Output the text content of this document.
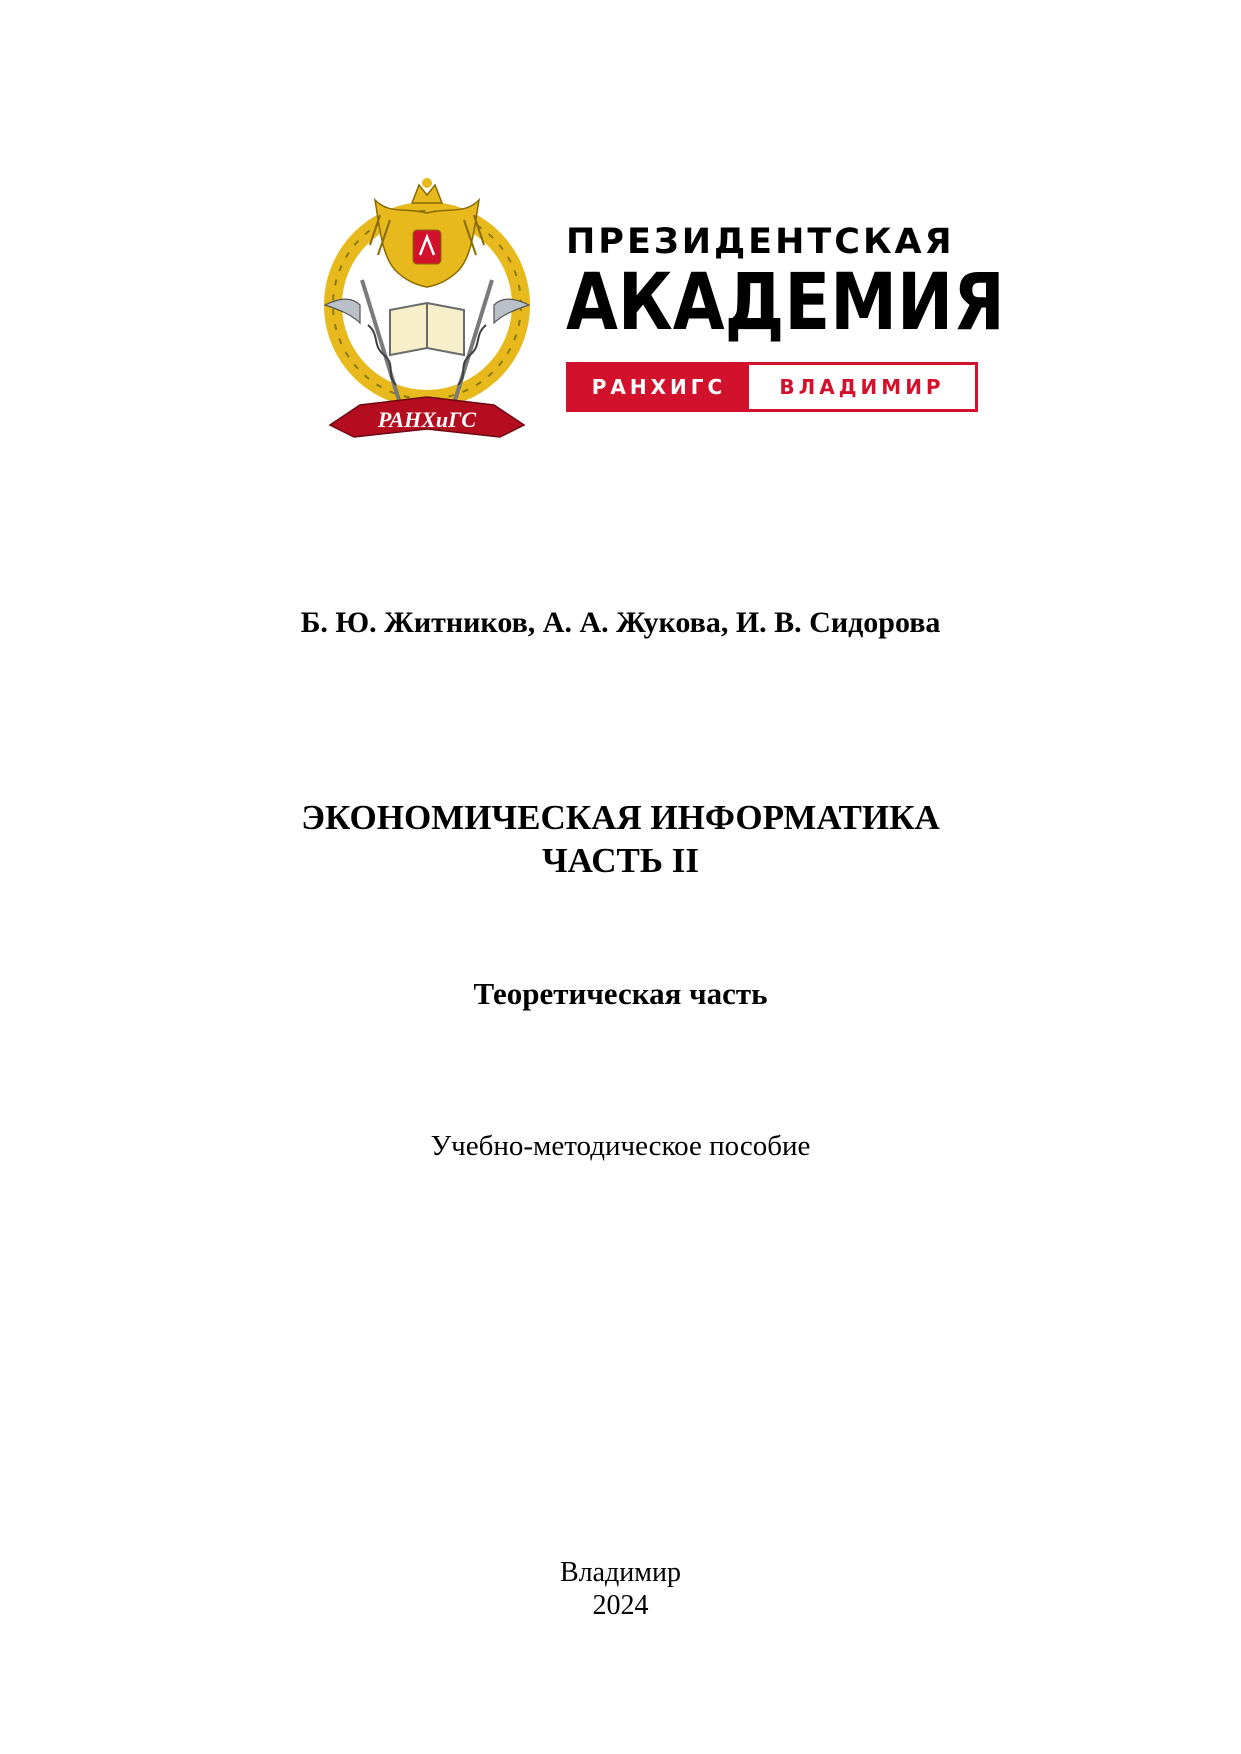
РАНХиГС
ПРЕЗИДЕНТСКАЯ
АКАДЕМИЯ
РАНХИГС	ВЛАДИМИР
Б. Ю. Житников, А. А. Жукова, И. В. Сидорова
ЭКОНОМИЧЕСКАЯ ИНФОРМАТИКА
ЧАСТЬ II
Теоретическая часть
Учебно-методическое пособие
Владимир
2024
